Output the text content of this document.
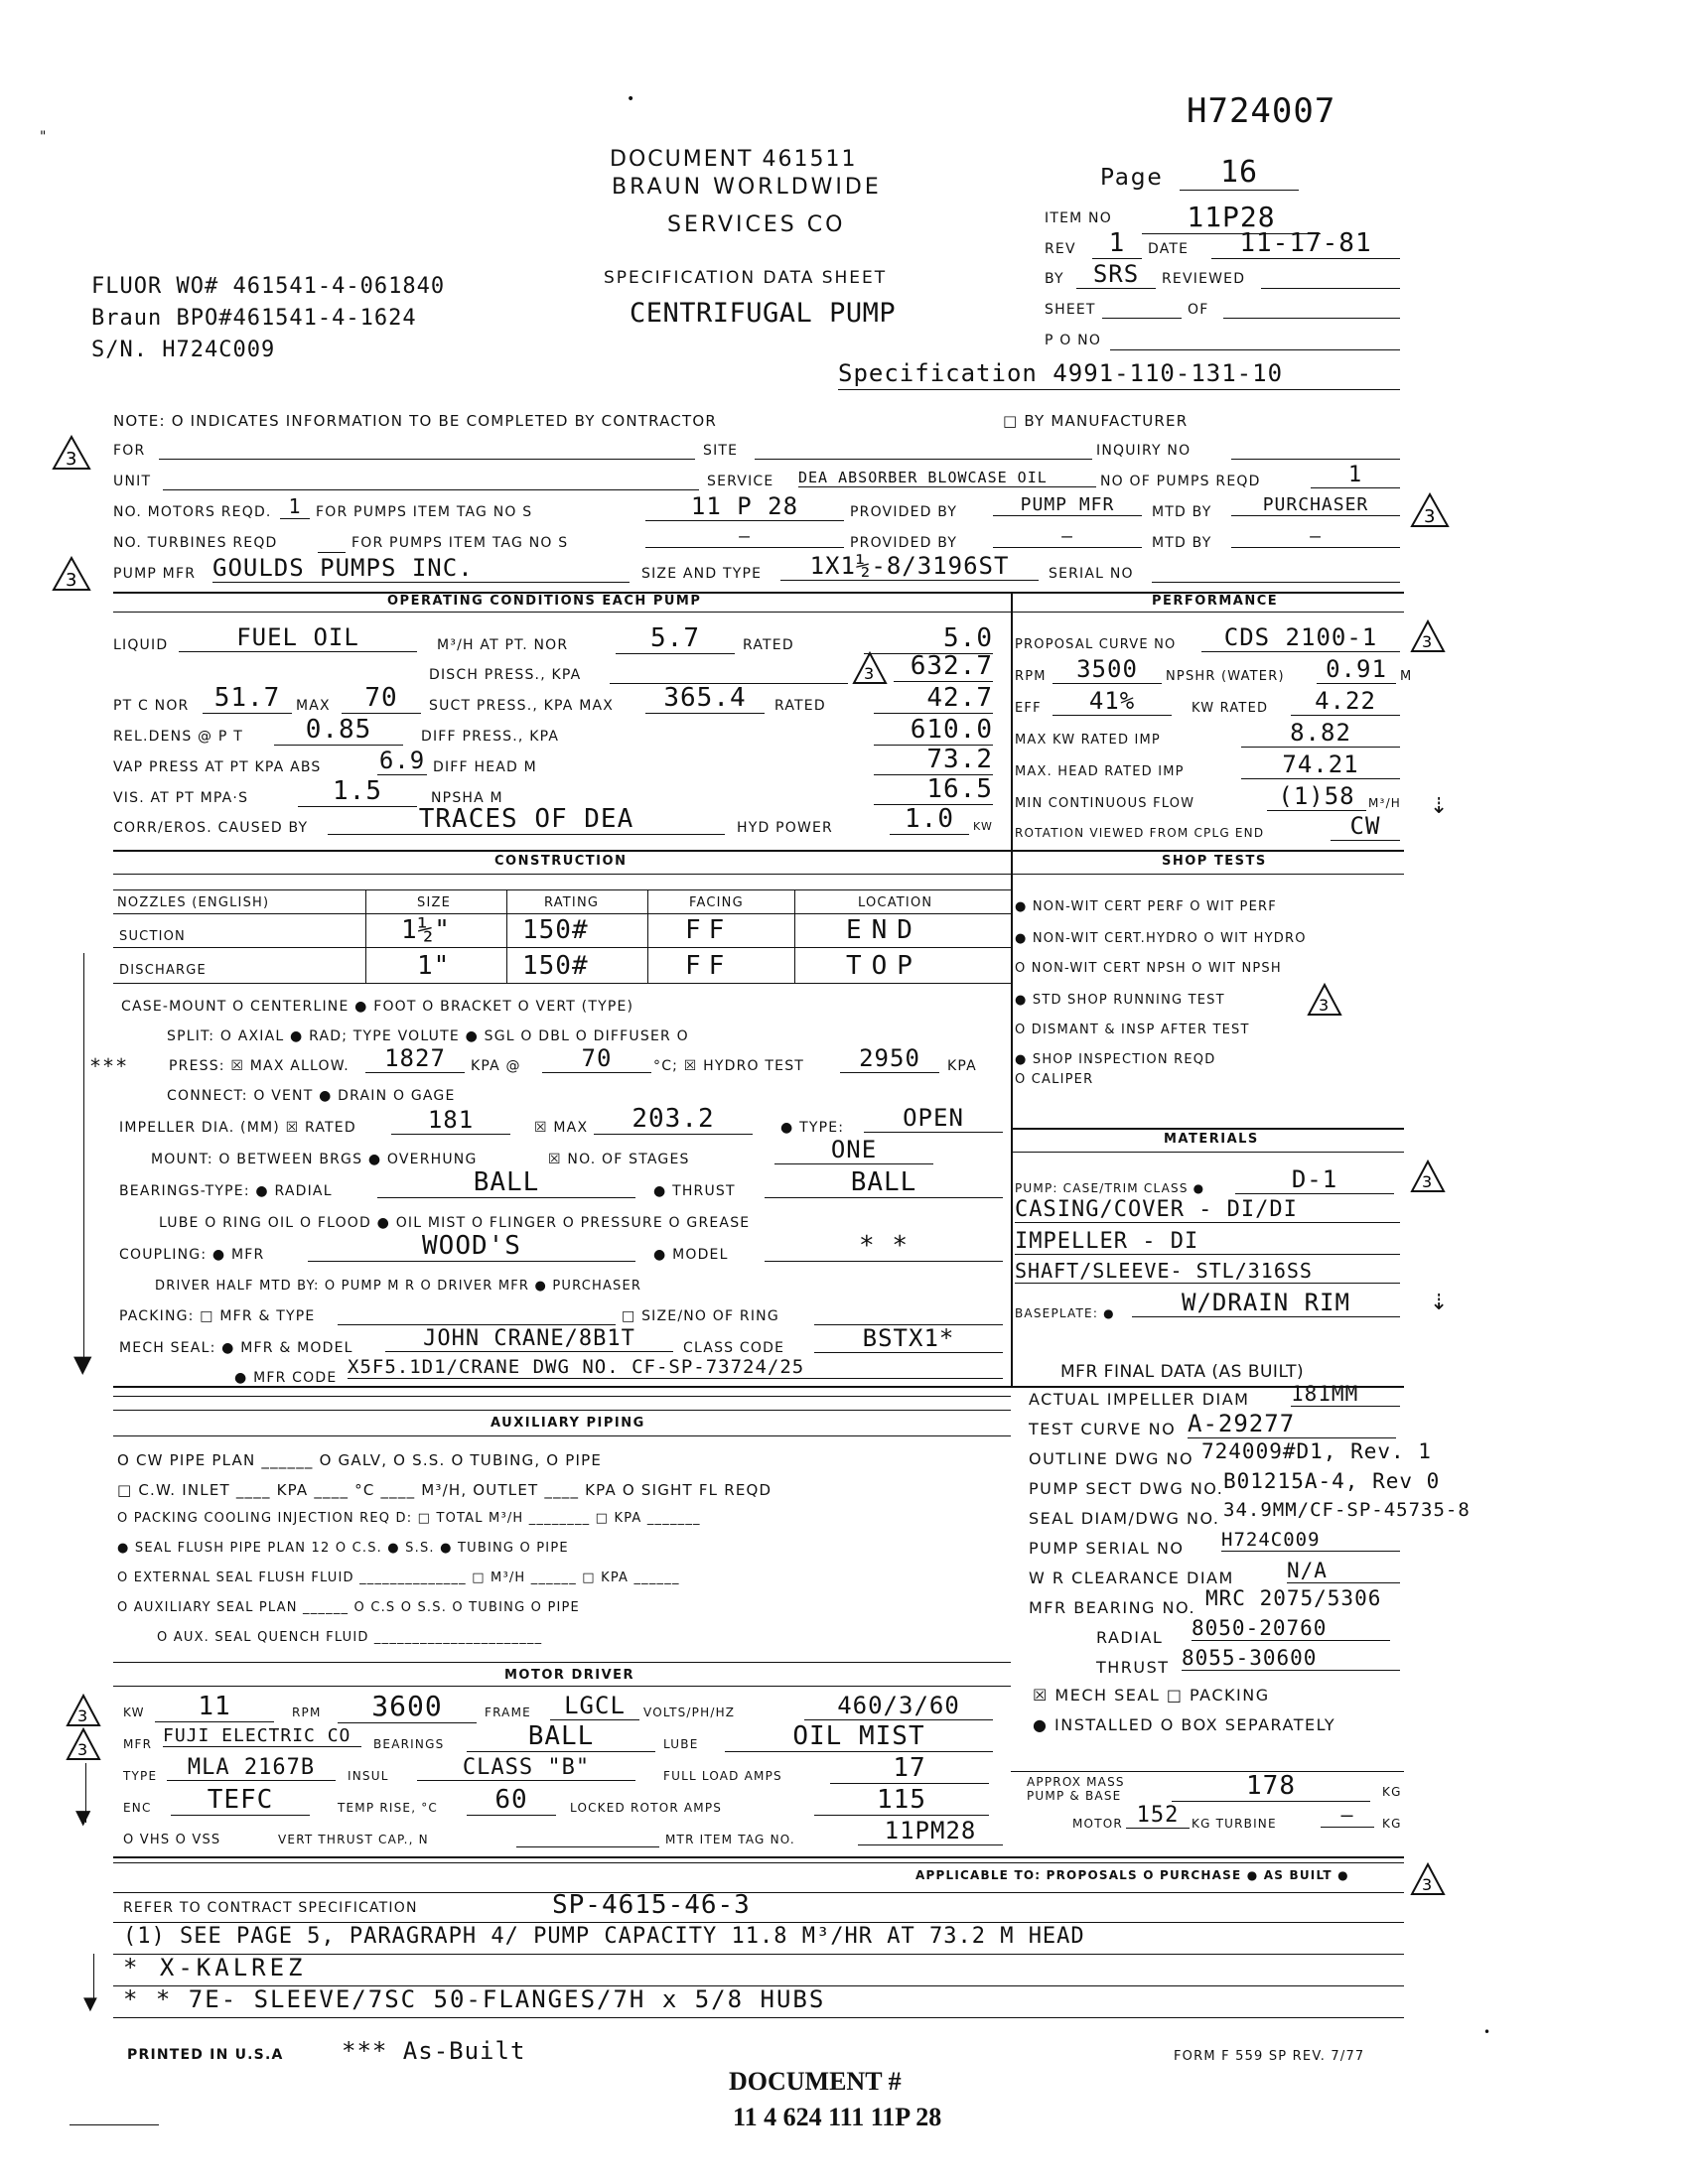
H724007
"
•
DOCUMENT 461511
BRAUN WORLDWIDE
SERVICES CO
SPECIFICATION DATA SHEET
CENTRIFUGAL PUMP
Page	16
ITEM NO	11P28
REV	1	DATE	11-17-81
BY	SRS	REVIEWED
SHEET	OF
P O NO
Specification 4991-110-131-10
FLUOR WO# 461541-4-061840
Braun BPO#461541-4-1624
S/N. H724C009
NOTE: O INDICATES INFORMATION TO BE COMPLETED BY CONTRACTOR	□ BY MANUFACTURER
3
3
FOR	SITE	INQUIRY NO
UNIT	SERVICE DEA ABSORBER BLOWCASE OIL	NO OF PUMPS REQD	1
NO. MOTORS REQD. 1	FOR PUMPS ITEM TAG NO S	11 P 28	PROVIDED BY	PUMP MFR	MTD BY	PURCHASER
3
NO. TURBINES REQD	FOR PUMPS ITEM TAG NO S	—	PROVIDED BY	—	MTD BY	—
PUMP MFR GOULDS PUMPS INC.	SIZE AND TYPE	1X1½-8/3196ST	SERIAL NO
OPERATING CONDITIONS EACH PUMP	PERFORMANCE
LIQUID	FUEL OIL	M³/H AT PT. NOR	5.7	RATED	5.0
DISCH PRESS., KPA	3	632.7
PT C NOR 51.7	MAX	70	SUCT PRESS., KPA MAX	365.4	RATED	42.7
REL.DENS @ P T	0.85	DIFF PRESS., KPA	610.0
VAP PRESS AT PT KPA ABS 6.9 DIFF HEAD M	73.2
VIS. AT PT MPA·S	1.5	NPSHA M	16.5
CORR/EROS. CAUSED BY	TRACES OF DEA	HYD POWER	1.0	KW
PROPOSAL CURVE NO	CDS 2100-1	3
RPM	3500	NPSHR (WATER)	0.91	M
EFF	41%	KW RATED	4.22
MAX KW RATED IMP	8.82
MAX. HEAD RATED IMP	74.21
MIN CONTINUOUS FLOW	(1)58	M³/H
ROTATION VIEWED FROM CPLG END	CW
⇣
CONSTRUCTION	SHOP TESTS
NOZZLES (ENGLISH)	SIZE	RATING	FACING	LOCATION
SUCTION	1½"	150#	FF	END
DISCHARGE	1"	150#	FF	TOP
▼
CASE-MOUNT O CENTERLINE ● FOOT O BRACKET O VERT (TYPE)
SPLIT: O AXIAL ● RAD; TYPE VOLUTE ● SGL O DBL O DIFFUSER O
***	PRESS: ☒ MAX ALLOW.	1827	KPA @	70	°C; ☒ HYDRO TEST	2950	KPA
CONNECT: O VENT ● DRAIN O GAGE
IMPELLER DIA. (MM) ☒ RATED	181	☒ MAX	203.2	● TYPE:	OPEN
MOUNT: O BETWEEN BRGS ● OVERHUNG	☒ NO. OF STAGES	ONE
BEARINGS-TYPE: ● RADIAL	BALL	● THRUST	BALL
LUBE O RING OIL O FLOOD ● OIL MIST O FLINGER O PRESSURE O GREASE
COUPLING: ● MFR	WOOD'S	● MODEL	* *
DRIVER HALF MTD BY: O PUMP M R O DRIVER MFR ● PURCHASER
PACKING: □ MFR & TYPE	□ SIZE/NO OF RING
MECH SEAL: ● MFR & MODEL	JOHN CRANE/8B1T	CLASS CODE	BSTX1*
● MFR CODE X5F5.1D1/CRANE DWG NO. CF-SP-73724/25
● NON-WIT CERT PERF O WIT PERF
● NON-WIT CERT.HYDRO O WIT HYDRO
O NON-WIT CERT NPSH O WIT NPSH
● STD SHOP RUNNING TEST	3
O DISMANT & INSP AFTER TEST
● SHOP INSPECTION REQD
O CALIPER
MATERIALS
PUMP: CASE/TRIM CLASS ●	D-1	3
CASING/COVER - DI/DI
IMPELLER - DI
SHAFT/SLEEVE- STL/316SS
BASEPLATE: ●	W/DRAIN RIM	⇣
MFR FINAL DATA (AS BUILT)
ACTUAL IMPELLER DIAM 181MM
TEST CURVE NO A-29277
OUTLINE DWG NO 724009#D1, Rev. 1
PUMP SECT DWG NO. B01215A-4, Rev 0
SEAL DIAM/DWG NO. 34.9MM/CF-SP-45735-8
PUMP SERIAL NO H724C009
W R CLEARANCE DIAM	N/A
MFR BEARING NO. MRC 2075/5306
RADIAL 8050-20760
THRUST 8055-30600
☒ MECH SEAL □ PACKING
● INSTALLED O BOX SEPARATELY
APPROX MASS PUMP & BASE	178	KG
MOTOR 152	KG TURBINE	—	KG
AUXILIARY PIPING
O CW PIPE PLAN ______ O GALV, O S.S. O TUBING, O PIPE
□ C.W. INLET ____ KPA ____ °C ____ M³/H, OUTLET ____ KPA O SIGHT FL REQD
O PACKING COOLING INJECTION REQ D: □ TOTAL M³/H ________ □ KPA _______
● SEAL FLUSH PIPE PLAN 12 O C.S. ● S.S. ● TUBING O PIPE
O EXTERNAL SEAL FLUSH FLUID ______________ □ M³/H ______ □ KPA ______
O AUXILIARY SEAL PLAN ______ O C.S O S.S. O TUBING O PIPE
O AUX. SEAL QUENCH FLUID ______________________
MOTOR DRIVER
3
3
▼
KW	11	RPM	3600	FRAME	LGCL	VOLTS/PH/HZ	460/3/60
MFR FUJI ELECTRIC CO	BEARINGS	BALL	LUBE	OIL MIST
TYPE	MLA 2167B	INSUL	CLASS "B"	FULL LOAD AMPS	17
ENC	TEFC	TEMP RISE, °C	60	LOCKED ROTOR AMPS	115
O VHS O VSS	VERT THRUST CAP., N	MTR ITEM TAG NO.	11PM28
APPLICABLE TO: PROPOSALS O PURCHASE ● AS BUILT ●	3
REFER TO CONTRACT SPECIFICATION	SP-4615-46-3
(1) SEE PAGE 5, PARAGRAPH 4/ PUMP CAPACITY 11.8 M³/HR AT 73.2 M HEAD
* X-KALREZ
* * 7E- SLEEVE/7SC 50-FLANGES/7H x 5/8 HUBS
▼
PRINTED IN U.S.A *** As-Built	FORM F 559 SP REV. 7/77
•
DOCUMENT #
11 4 624 111 11P 28
